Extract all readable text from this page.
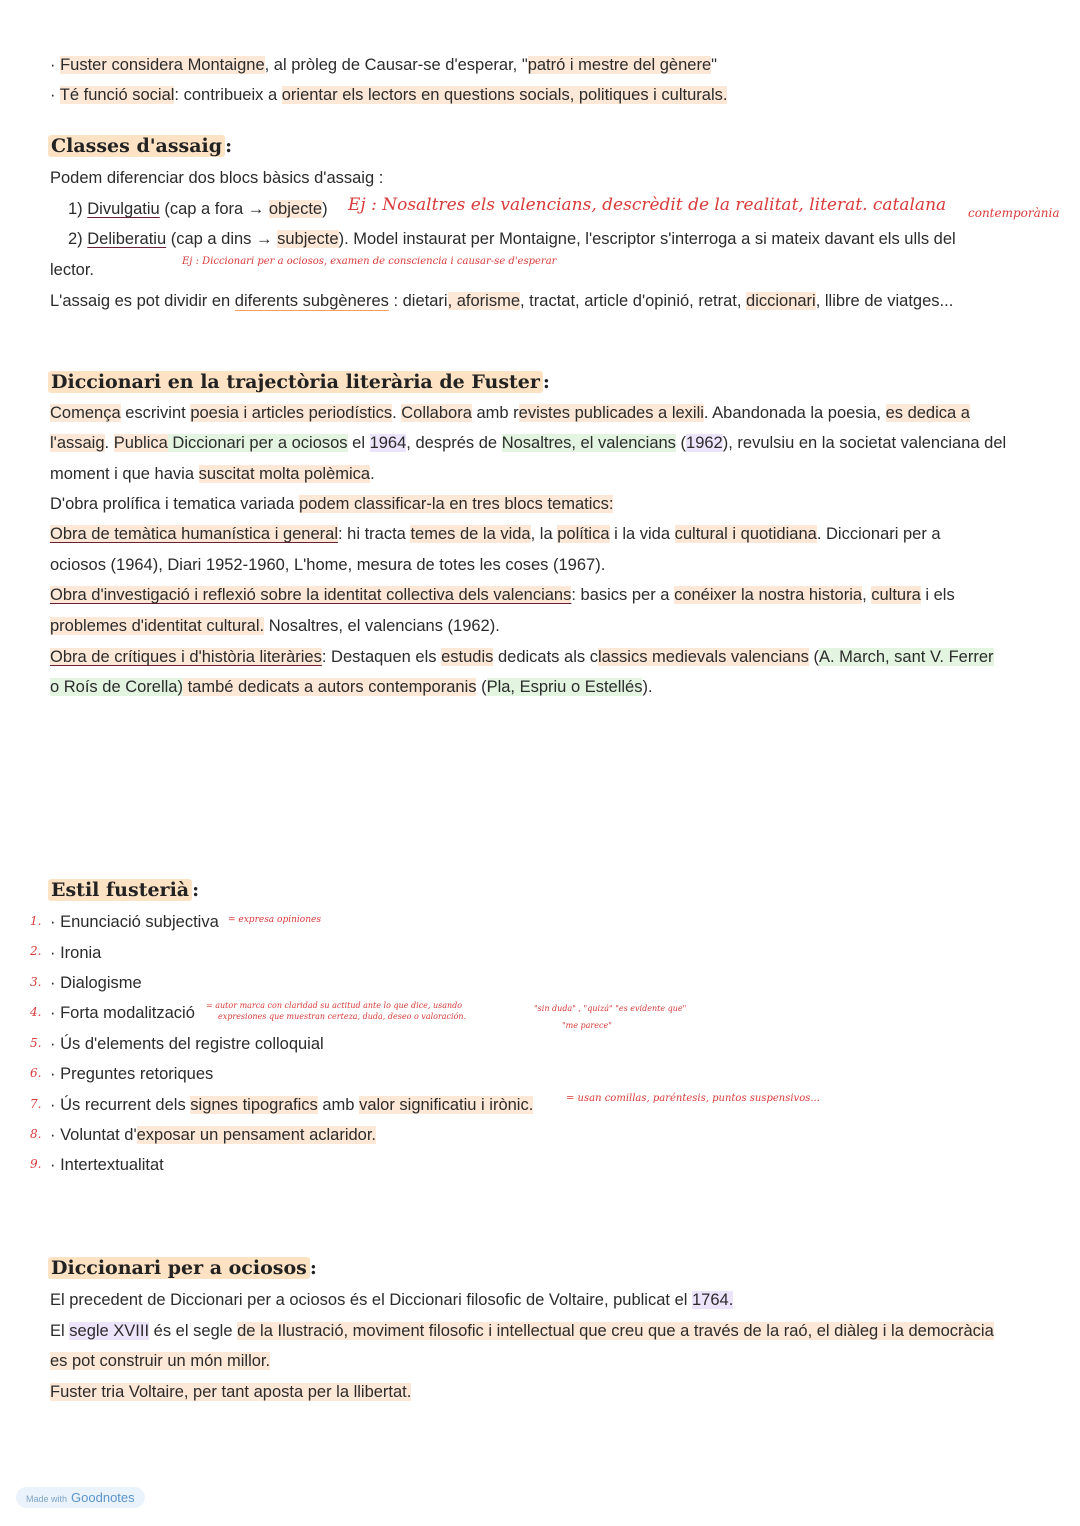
· Fuster considera Montaigne, al pròleg de Causar-se d'esperar, "patró i mestre del gènere"
· Té funció social: contribueix a orientar els lectors en questions socials, politiques i culturals.
Classes d'assaig :
Podem diferenciar dos blocs bàsics d'assaig :
1) Divulgatiu (cap a fora → objecte) Ej : Nosaltres els valencians, descrèdit de la realitat, literat. catalana contemporània
2) Deliberatiu (cap a dins → subjecte). Model instaurat per Montaigne, l'escriptor s'interroga a si mateix davant els ulls del
lector.	Ej : Diccionari per a ociosos, examen de consciencia i causar-se d'esperar
L'assaig es pot dividir en diferents subgèneres : dietari, aforisme, tractat, article d'opinió, retrat, diccionari, llibre de viatges...
Diccionari en la trajectòria literària de Fuster :
Comença escrivint poesia i articles periodístics. Collabora amb revistes publicades a lexili. Abandonada la poesia, es dedica a
l'assaig. Publica Diccionari per a ociosos el 1964, després de Nosaltres, el valencians (1962), revulsiu en la societat valenciana del
moment i que havia suscitat molta polèmica.
D'obra prolífica i tematica variada podem classificar-la en tres blocs tematics:
Obra de temàtica humanística i general: hi tracta temes de la vida, la política i la vida cultural i quotidiana. Diccionari per a
ociosos (1964), Diari 1952-1960, L'home, mesura de totes les coses (1967).
Obra d'investigació i reflexió sobre la identitat collectiva dels valencians: basics per a conéixer la nostra historia, cultura i els
problemes d'identitat cultural. Nosaltres, el valencians (1962).
Obra de crítiques i d'història literàries: Destaquen els estudis dedicats als classics medievals valencians (A. March, sant V. Ferrer
o Roís de Corella) també dedicats a autors contemporanis (Pla, Espriu o Estellés).
Estil fusterià :
1. · Enunciació subjectiva = expresa opiniones
2. · Ironia
3. · Dialogisme
4. · Forta modalització = autor marca con claridad su actitud ante lo que dice, usando
expresiones que muestran certeza, duda, deseo o valoración.
"sin duda" , "quizá" "es evidente que"
"me parece"
5. · Ús d'elements del registre colloquial
6. · Preguntes retoriques
7. · Ús recurrent dels signes tipografics amb valor significatiu i irònic.	= usan comillas, paréntesis, puntos suspensivos...
8. · Voluntat d'exposar un pensament aclaridor.
9. · Intertextualitat
Diccionari per a ociosos :
El precedent de Diccionari per a ociosos és el Diccionari filosofic de Voltaire, publicat el 1764.
El segle XVIII és el segle de la Ilustració, moviment filosofic i intellectual que creu que a través de la raó, el diàleg i la democràcia
es pot construir un món millor.
Fuster tria Voltaire, per tant aposta per la llibertat.
Made with Goodnotes
